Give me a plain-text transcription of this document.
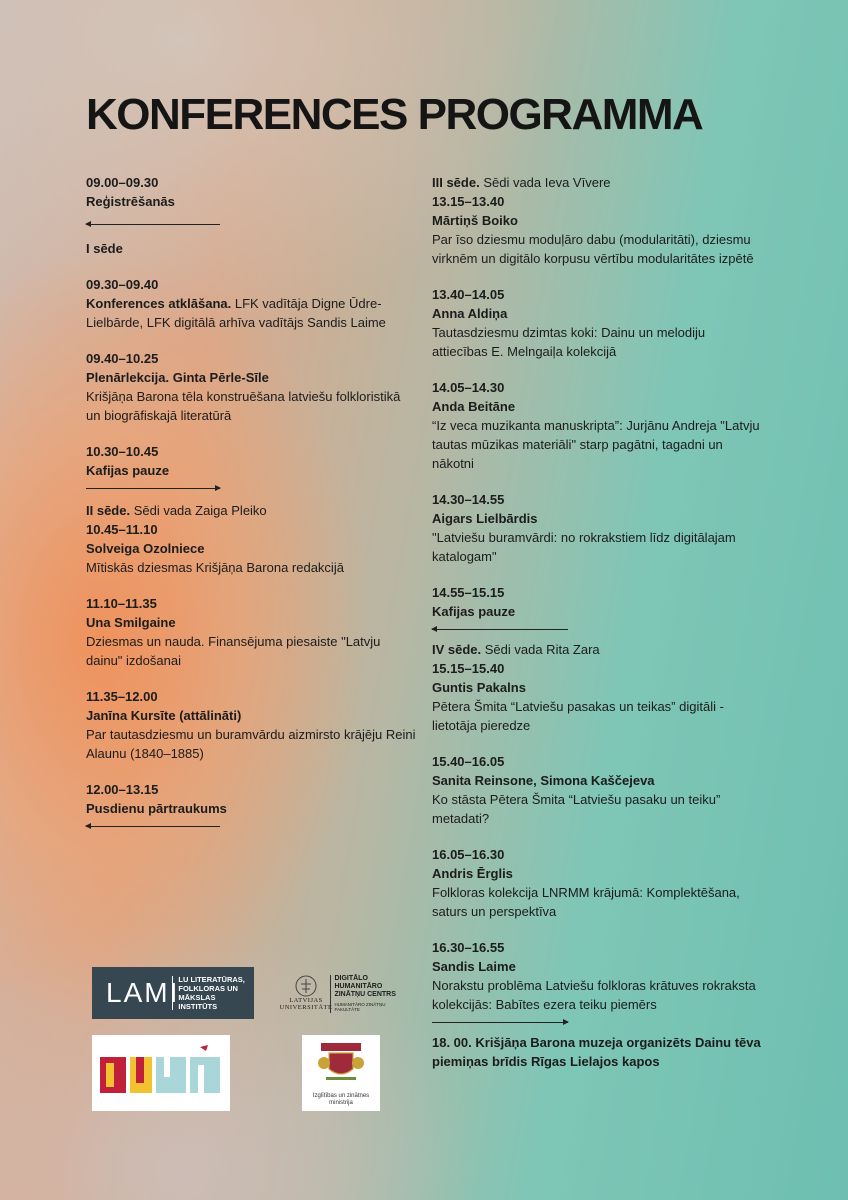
KONFERENCES PROGRAMMA
09.00–09.30
Reģistrēšanās
I sēde
09.30–09.40
Konferences atklāšana. LFK vadītāja Digne Ūdre-Lielbārde, LFK digitālā arhīva vadītājs Sandis Laime
09.40–10.25
Plenārlekcija. Ginta Pērle-Sīle
Krišjāņa Barona tēla konstruēšana latviešu folkloristikā un biogrāfiskajā literatūrā
10.30–10.45
Kafijas pauze
II sēde. Sēdi vada Zaiga Pleiko
10.45–11.10
Solveiga Ozolniece
Mītiskās dziesmas Krišjāņa Barona redakcijā
11.10–11.35
Una Smilgaine
Dziesmas un nauda. Finansējuma piesaiste "Latvju dainu" izdošanai
11.35–12.00
Janīna Kursīte (attālināti)
Par tautasdziesmu un buramvārdu aizmirsto krājēju Reini Alaunu (1840–1885)
12.00–13.15
Pusdienu pārtraukums
III sēde. Sēdi vada Ieva Vīvere
13.15–13.40
Mārtiņš Boiko
Par īso dziesmu moduļāro dabu (modularitāti), dziesmu virknēm un digitālo korpusu vērtību modularitātes izpētē
13.40–14.05
Anna Aldiņa
Tautasdziesmu dzimtas koki: Dainu un melodiju attiecības E. Melngaiļa kolekcijā
14.05–14.30
Anda Beitāne
“Iz veca muzikanta manuskripta”: Jurjānu Andreja "Latvju tautas mūzikas materiāli" starp pagātni, tagadni un nākotni
14.30–14.55
Aigars Lielbārdis
"Latviešu buramvārdi: no rokrakstiem līdz digitālajam katalogam"
14.55–15.15
Kafijas pauze
IV sēde. Sēdi vada Rita Zara
15.15–15.40
Guntis Pakalns
Pētera Šmita “Latviešu pasakas un teikas” digitāli - lietotāja pieredze
15.40–16.05
Sanita Reinsone, Simona Kaščejeva
Ko stāsta Pētera Šmita “Latviešu pasaku un teiku” metadati?
16.05–16.30
Andris Ērglis
Folkloras kolekcija LNRMM krājumā: Komplektēšana, saturs un perspektīva
16.30–16.55
Sandis Laime
Norakstu problēma Latviešu folkloras krātuves rokraksta kolekcijās: Babītes ezera teiku piemērs
18. 00. Krišjāņa Barona muzeja organizēts Dainu tēva piemiņas brīdis Rīgas Lielajos kapos
LAMI LU LITERATŪRAS, FOLKLORAS UN MĀKSLAS INSTITŪTS
LATVIJAS
UNIVERSITĀTE
DIGITĀLO HUMANITĀRO ZINĀTŅU CENTRS
HUMANITĀRO ZINĀTŅU FAKULTĀTE
Izglītības un zinātnes ministrija
